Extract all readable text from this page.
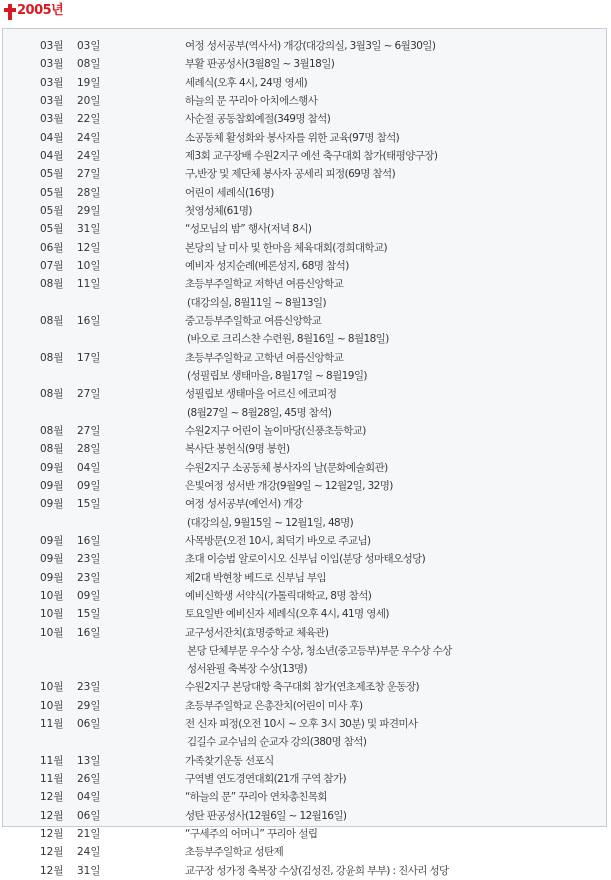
2005년
03월 03일	여정 성서공부(역사서) 개강(대강의실, 3월3일 ~ 6월30일)
03월 08일	부활 판공성사(3월8일 ~ 3월18일)
03월 19일	세례식(오후 4시, 24명 영세)
03월 20일	하늘의 문 꾸리아 아치에스행사
03월 22일	사순절 공동참회예절(349명 참석)
04월 24일	소공동체 활성화와 봉사자를 위한 교육(97명 참석)
04월 24일	제3회 교구장배 수원2지구 예선 축구대회 참가(태평양구장)
05월 27일	구,반장 및 제단체 봉사자 공세리 피정(69명 참석)
05월 28일	어린이 세례식(16명)
05월 29일	첫영성체(61명)
05월 31일	“성모님의 밤” 행사(저녁 8시)
06월 12일	본당의 날 미사 및 한마음 체육대회(경희대학교)
07월 10일	예비자 성지순례(베론성지, 68명 참석)
08월 11일	초등부주일학교 저학년 여름신앙학교
(대강의실, 8월11일 ~ 8월13일)
08월 16일	중고등부주일학교 여름신앙학교
(바오로 크리스챤 수련원, 8월16일 ~ 8월18일)
08월 17일	초등부주일학교 고학년 여름신앙학교
(성필립보 생태마을, 8월17일 ~ 8월19일)
08월 27일	성필립보 생태마을 어르신 에코피정
(8월27일 ~ 8월28일, 45명 참석)
08월 27일	수원2지구 어린이 놀이마당(신풍초등학교)
08월 28일	복사단 봉헌식(9명 봉헌)
09월 04일	수원2지구 소공동체 봉사자의 날(문화예술회관)
09월 09일	은빛여정 성서반 개강(9월9일 ~ 12월2일, 32명)
09월 15일	여정 성서공부(예언서) 개강
(대강의실, 9월15일 ~ 12월1일, 48명)
09월 16일	사목방문(오전 10시, 최덕기 바오로 주교님)
09월 23일	초대 이승범 알로이시오 신부님 이임(분당 성마태오성당)
09월 23일	제2대 박현창 베드로 신부님 부임
10월 09일	예비신학생 서약식(가톨릭대학교, 8명 참석)
10월 15일	토요일반 예비신자 세례식(오후 4시, 41명 영세)
10월 16일	교구성서잔치(효명중학교 체육관)
본당 단체부문 우수상 수상, 청소년(중고등부)부문 우수상 수상
성서완필 축복장 수상(13명)
10월 23일	수원2지구 본당대항 축구대회 참가(연초제조창 운동장)
10월 29일	초등부주일학교 은총잔치(어린이 미사 후)
11월 06일	전 신자 피정(오전 10시 ~ 오후 3시 30분) 및 파견미사
김길수 교수님의 순교자 강의(380명 참석)
11월 13일	가족찾기운동 선포식
11월 26일	구역별 연도경연대회(21개 구역 참가)
12월 04일	“하늘의 문” 꾸리아 연차총친목회
12월 06일	성탄 판공성사(12월6일 ~ 12월16일)
12월 21일	“구세주의 어머니” 꾸리아 설립
12월 24일	초등부주일학교 성탄제
12월 31일	교구장 성가정 축복장 수상(김성진, 강윤희 부부) : 진사리 성당
